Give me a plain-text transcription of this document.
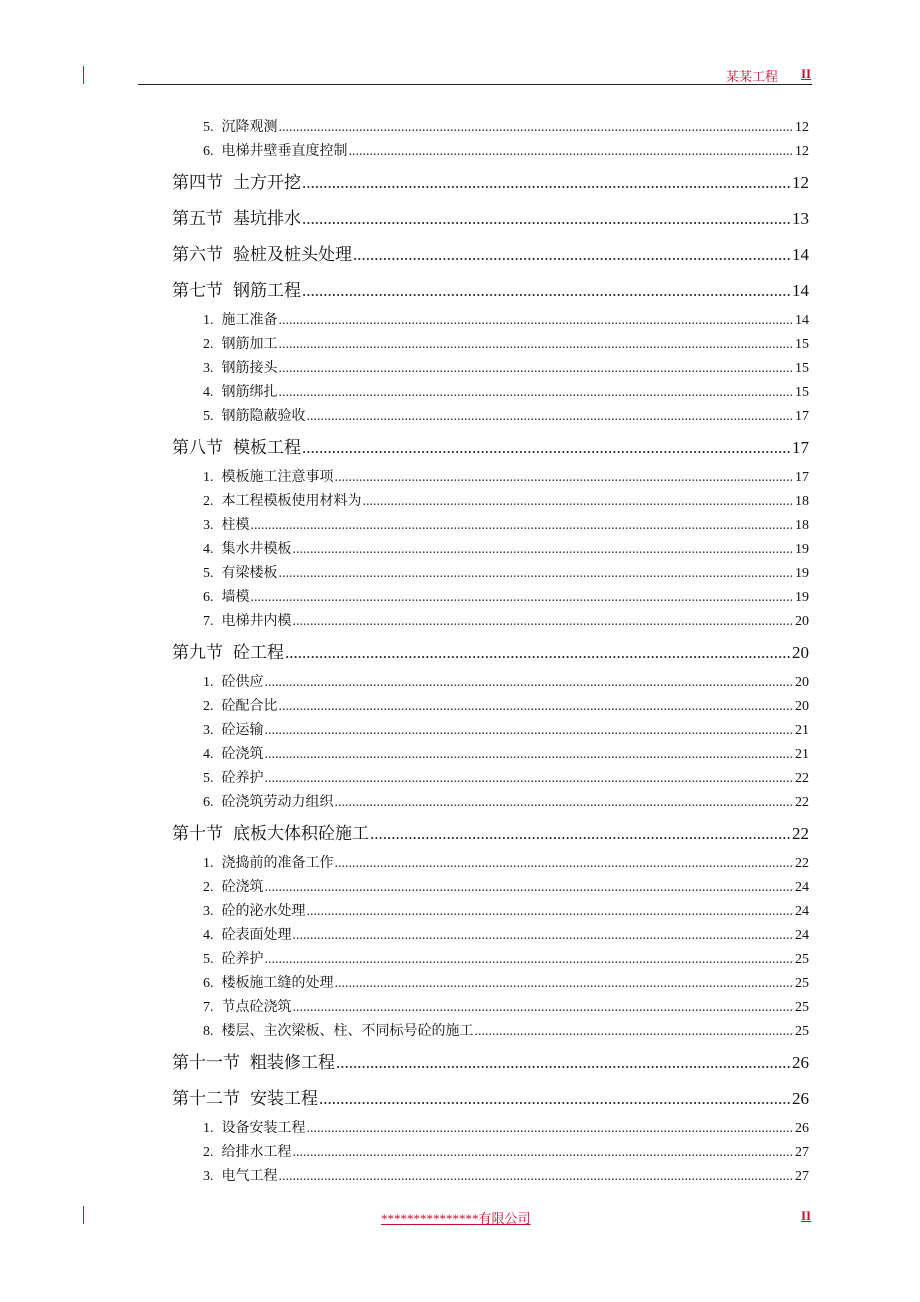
某某工程 II
5. 沉降观测 .....	12
6. 电梯井壁垂直度控制 .....	12
第四节 土方开挖 .....	12
第五节 基坑排水 .....	13
第六节 验桩及桩头处理 .....	14
第七节 钢筋工程 .....	14
1. 施工准备 .....	14
2. 钢筋加工 .....	15
3. 钢筋接头 .....	15
4. 钢筋绑扎 .....	15
5. 钢筋隐蔽验收 .....	17
第八节 模板工程 .....	17
1. 模板施工注意事项 .....	17
2. 本工程模板使用材料为 .....	18
3. 柱模 .....	18
4. 集水井模板 .....	19
5. 有梁楼板 .....	19
6. 墙模 .....	19
7. 电梯井内模 .....	20
第九节 砼工程 .....	20
1. 砼供应 .....	20
2. 砼配合比 .....	20
3. 砼运输 .....	21
4. 砼浇筑 .....	21
5. 砼养护 .....	22
6. 砼浇筑劳动力组织 .....	22
第十节 底板大体积砼施工 .....	22
1. 浇捣前的准备工作 .....	22
2. 砼浇筑 .....	24
3. 砼的泌水处理 .....	24
4. 砼表面处理 .....	24
5. 砼养护 .....	25
6. 楼板施工缝的处理 .....	25
7. 节点砼浇筑 .....	25
8. 楼层、主次梁板、柱、不同标号砼的施工 .....	25
第十一节 粗装修工程 .....	26
第十二节 安装工程 .....	26
1. 设备安装工程 .....	26
2. 给排水工程 .....	27
3. 电气工程 .....	27
***************有限公司	II
